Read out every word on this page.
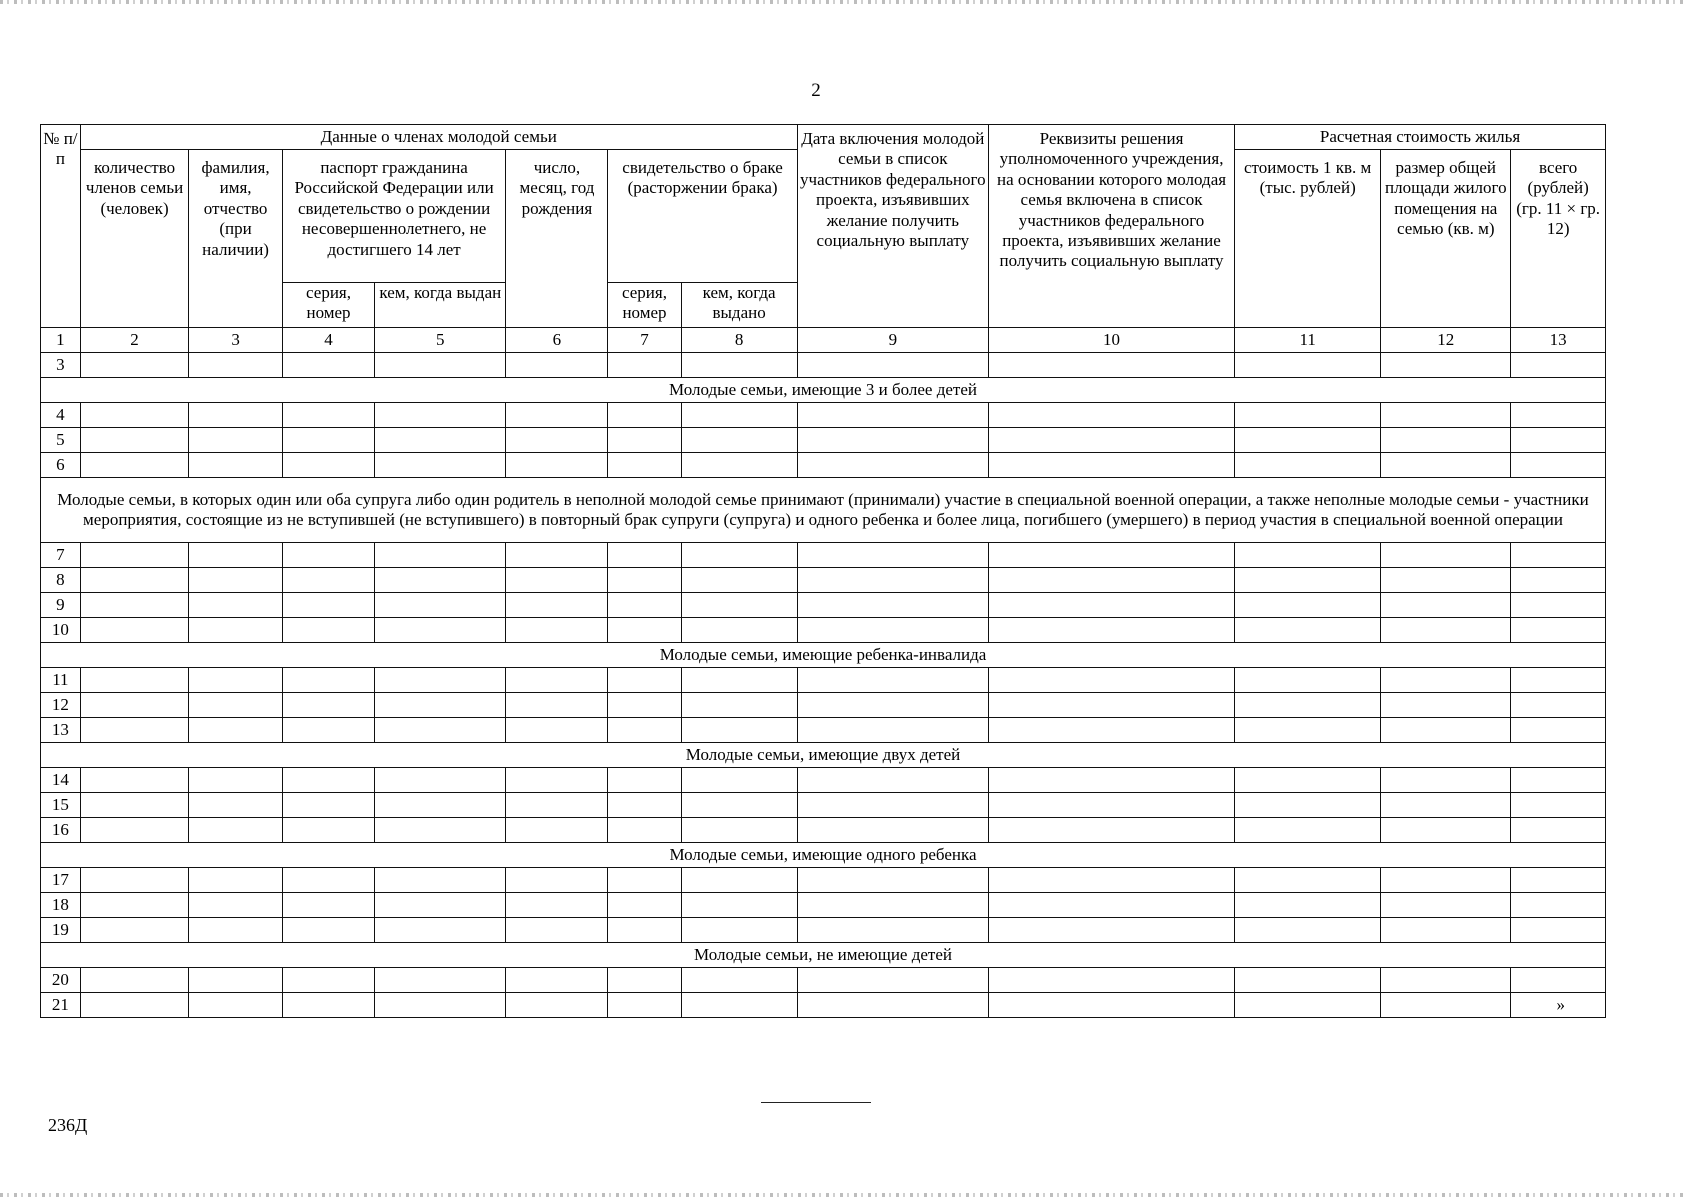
2
№ п/п	Данные о членах молодой семьи							Дата включения молодой семьи в список участников федерального проекта, изъявивших желание получить социальную выплату	Реквизиты решения уполномоченного учреждения, на основании которого молодая семья включена в список участников федерального проекта, изъявивших желание получить социальную выплату	Расчетная стоимость жилья		
	количество членов семьи (человек)	фамилия, имя, отчество (при наличии)	паспорт гражданина Российской Федерации или свидетельство о рождении несовершеннолетнего, не достигшего 14 лет		число, месяц, год рождения	свидетельство о браке (расторжении брака)				стоимость 1 кв. м (тыс. рублей)	размер общей площади жилого помещения на семью (кв. м)	всего (рублей) (гр. 11 × гр. 12)
			серия, номер	кем, когда выдан		серия, номер	кем, когда выдано					
1	2	3	4	5	6	7	8	9	10	11	12	13
3												
Молодые семьи, имеющие 3 и более детей												
4												
5												
6												
Молодые семьи, в которых один или оба супруга либо один родитель в неполной молодой семье принимают (принимали) участие в специальной военной операции, а также неполные молодые семьи - участники мероприятия, состоящие из не вступившей (не вступившего) в повторный брак супруги (супруга) и одного ребенка и более лица, погибшего (умершего) в период участия в специальной военной операции												
7												
8												
9												
10												
Молодые семьи, имеющие ребенка-инвалида												
11												
12												
13												
Молодые семьи, имеющие двух детей												
14												
15												
16												
Молодые семьи, имеющие одного ребенка												
17												
18												
19												
Молодые семьи, не имеющие детей												
20												
21												»
236Д
